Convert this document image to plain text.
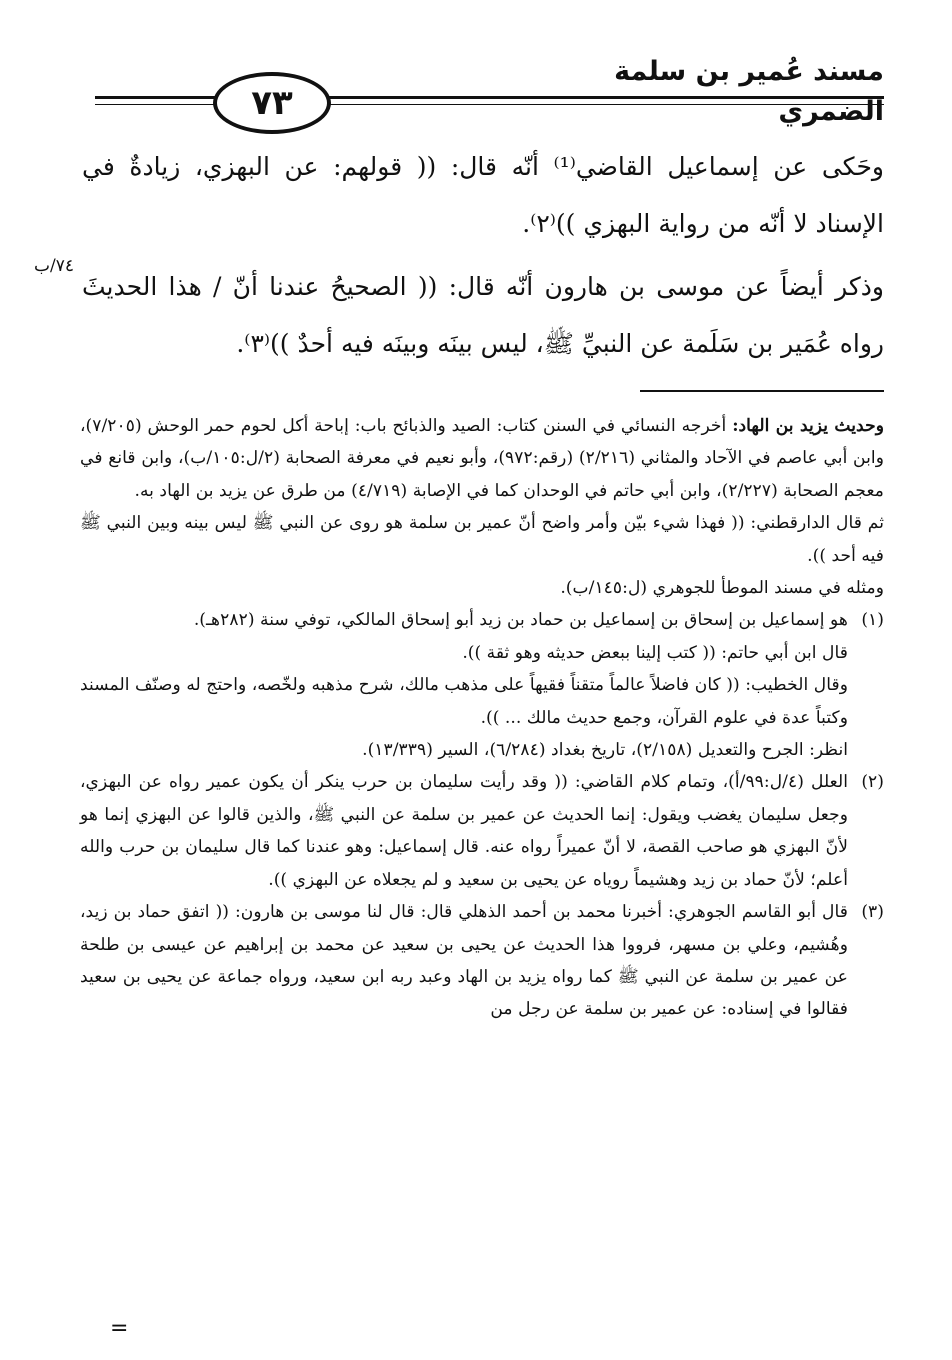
مسند عُمير بن سلمة الضمري
٧٣

وحَكى عن إسماعيل القاضي⁽¹⁾ أنّه قال: (( قولهم: عن البهزي، زيادةٌ في الإسناد لا أنّه من رواية البهزي ))⁽٢⁾.

وذكر أيضاً عن موسى بن هارون أنّه قال: (( الصحيحُ عندنا أنّ / هذا الحديثَ رواه عُمَير بن سَلَمة عن النبيِّ ﷺ، ليس بينَه وبينَه فيه أحدٌ ))⁽٣⁾.

٧٤/ب

وحديث يزيد بن الهاد: أخرجه النسائي في السنن كتاب: الصيد والذبائح باب: إباحة أكل لحوم حمر الوحش (٧/٢٠٥)، وابن أبي عاصم في الآحاد والمثاني (٢/٢١٦) (رقم:٩٧٢)، وأبو نعيم في معرفة الصحابة (٢/ل:١٠٥/ب)، وابن قانع في معجم الصحابة (٢/٢٢٧)، وابن أبي حاتم في الوحدان كما في الإصابة (٤/٧١٩) من طرق عن يزيد بن الهاد به.

ثم قال الدارقطني: (( فهذا شيء بيّن وأمر واضح أنّ عمير بن سلمة هو روى عن النبي ﷺ ليس بينه وبين النبي ﷺ فيه أحد )).

ومثله في مسند الموطأ للجوهري (ل:١٤٥/ب).

(١)هو إسماعيل بن إسحاق بن إسماعيل بن حماد بن زيد أبو إسحاق المالكي، توفي سنة (٢٨٢هـ).

قال ابن أبي حاتم: (( كتب إلينا ببعض حديثه وهو ثقة )).

وقال الخطيب: (( كان فاضلاً عالماً متقناً فقيهاً على مذهب مالك، شرح مذهبه ولخّصه، واحتج له وصنّف المسند وكتباً عدة في علوم القرآن، وجمع حديث مالك ... )).

انظر: الجرح والتعديل (٢/١٥٨)، تاريخ بغداد (٦/٢٨٤)، السير (١٣/٣٣٩).

(٢)العلل (٤/ل:٩٩/أ)، وتمام كلام القاضي: (( وقد رأيت سليمان بن حرب ينكر أن يكون عمير رواه عن البهزي، وجعل سليمان يغضب ويقول: إنما الحديث عن عمير بن سلمة عن النبي ﷺ، والذين قالوا عن البهزي إنما هو لأنّ البهزي هو صاحب القصة، لا أنّ عميراً رواه عنه. قال إسماعيل: وهو عندنا كما قال سليمان بن حرب والله أعلم؛ لأنّ حماد بن زيد وهشيماً روياه عن يحيى بن سعيد و لم يجعلاه عن البهزي )).

(٣)قال أبو القاسم الجوهري: أخبرنا محمد بن أحمد الذهلي قال: قال لنا موسى بن هارون: (( اتفق حماد بن زيد، وهُشيم، وعلي بن مسهر، فرووا هذا الحديث عن يحيى بن سعيد عن محمد بن إبراهيم عن عيسى بن طلحة عن عمير بن سلمة عن النبي ﷺ كما رواه يزيد بن الهاد وعبد ربه ابن سعيد، ورواه جماعة عن يحيى بن سعيد فقالوا في إسناده: عن عمير بن سلمة عن رجل من

=
